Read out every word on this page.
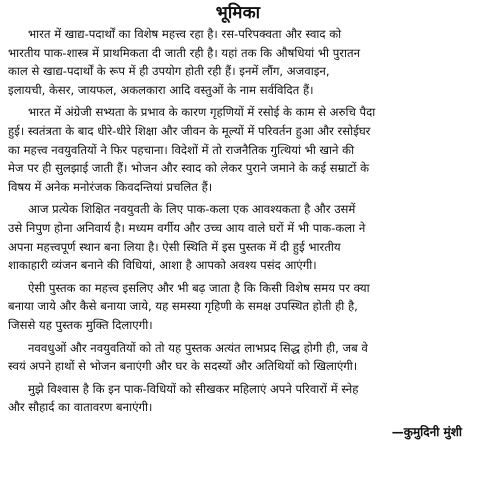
भूमिका
भारत में खाद्य-पदार्थों का विशेष महत्त्व रहा है। रस-परिपक्वता और स्वाद को
भारतीय पाक-शास्त्र में प्राथमिकता दी जाती रही है। यहां तक कि औषधियां भी पुरातन
काल से खाद्य-पदार्थों के रूप में ही उपयोग होती रही हैं। इनमें लौंग, अजवाइन,
इलायची, केसर, जायफल, अकलकारा आदि वस्तुओं के नाम सर्वविदित हैं।
भारत में अंग्रेजी सभ्यता के प्रभाव के कारण गृहणियों में रसोई के काम से अरुचि पैदा
हुई। स्वतंत्रता के बाद धीरे-धीरे शिक्षा और जीवन के मूल्यों में परिवर्तन हुआ और रसोईघर
का महत्त्व नवयुवतियों ने फिर पहचाना। विदेशों में तो राजनैतिक गुत्थियां भी खाने की
मेज पर ही सुलझाई जाती हैं। भोजन और स्वाद को लेकर पुराने जमाने के कई सम्राटों के
विषय में अनेक मनोरंजक किवदन्तियां प्रचलित हैं।
आज प्रत्येक शिक्षित नवयुवती के लिए पाक-कला एक आवश्यकता है और उसमें
उसे निपुण होना अनिवार्य है। मध्यम वर्गीय और उच्च आय वाले घरों में भी पाक-कला ने
अपना महत्त्वपूर्ण स्थान बना लिया है। ऐसी स्थिति में इस पुस्तक में दी हुई भारतीय
शाकाहारी व्यंजन बनाने की विधियां, आशा है आपको अवश्य पसंद आएंगी।
ऐसी पुस्तक का महत्त्व इसलिए और भी बढ़ जाता है कि किसी विशेष समय पर क्या
बनाया जाये और कैसे बनाया जाये, यह समस्या गृहिणी के समक्ष उपस्थित होती ही है,
जिससे यह पुस्तक मुक्ति दिलाएगी।
नववधुओं और नवयुवतियों को तो यह पुस्तक अत्यंत लाभप्रद सिद्ध होगी ही, जब वे
स्वयं अपने हाथों से भोजन बनाएंगी और घर के सदस्यों और अतिथियों को खिलाएंगी।
मुझे विश्वास है कि इन पाक-विधियों को सीखकर महिलाएं अपने परिवारों में स्नेह
और सौहार्द का वातावरण बनाएंगी।
—कुमुदिनी मुंशी
